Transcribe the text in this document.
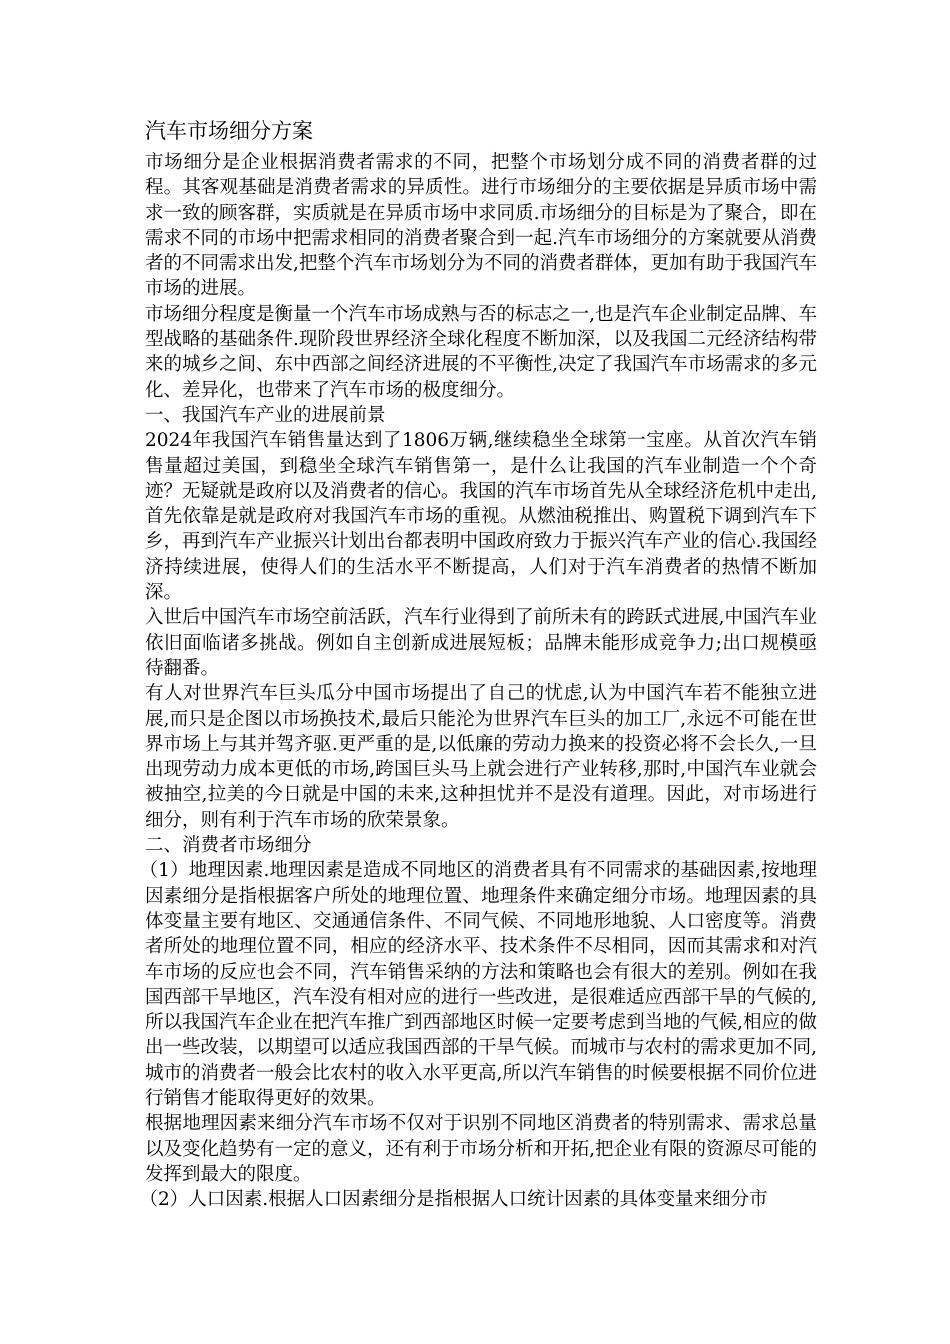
汽车市场细分方案

市场细分是企业根据消费者需求的不同，把整个市场划分成不同的消费者群的过程。其客观基础是消费者需求的异质性。进行市场细分的主要依据是异质市场中需求一致的顾客群，实质就是在异质市场中求同质.市场细分的目标是为了聚合，即在需求不同的市场中把需求相同的消费者聚合到一起.汽车市场细分的方案就要从消费者的不同需求出发,把整个汽车市场划分为不同的消费者群体，更加有助于我国汽车市场的进展。

市场细分程度是衡量一个汽车市场成熟与否的标志之一,也是汽车企业制定品牌、车型战略的基础条件.现阶段世界经济全球化程度不断加深，以及我国二元经济结构带来的城乡之间、东中西部之间经济进展的不平衡性,决定了我国汽车市场需求的多元化、差异化，也带来了汽车市场的极度细分。

一、我国汽车产业的进展前景

2024年我国汽车销售量达到了1806万辆,继续稳坐全球第一宝座。从首次汽车销售量超过美国，到稳坐全球汽车销售第一，是什么让我国的汽车业制造一个个奇迹？无疑就是政府以及消费者的信心。我国的汽车市场首先从全球经济危机中走出,首先依靠是就是政府对我国汽车市场的重视。从燃油税推出、购置税下调到汽车下乡，再到汽车产业振兴计划出台都表明中国政府致力于振兴汽车产业的信心.我国经济持续进展，使得人们的生活水平不断提高，人们对于汽车消费者的热情不断加深。

入世后中国汽车市场空前活跃，汽车行业得到了前所未有的跨跃式进展,中国汽车业依旧面临诸多挑战。例如自主创新成进展短板；品牌未能形成竞争力;出口规模亟待翻番。

有人对世界汽车巨头瓜分中国市场提出了自己的忧虑,认为中国汽车若不能独立进展,而只是企图以市场换技术,最后只能沦为世界汽车巨头的加工厂,永远不可能在世界市场上与其并驾齐驱.更严重的是,以低廉的劳动力换来的投资必将不会长久,一旦出现劳动力成本更低的市场,跨国巨头马上就会进行产业转移,那时,中国汽车业就会被抽空,拉美的今日就是中国的未来,这种担忧并不是没有道理。因此，对市场进行细分，则有利于汽车市场的欣荣景象。

二、消费者市场细分

（1）地理因素.地理因素是造成不同地区的消费者具有不同需求的基础因素,按地理因素细分是指根据客户所处的地理位置、地理条件来确定细分市场。地理因素的具体变量主要有地区、交通通信条件、不同气候、不同地形地貌、人口密度等。消费者所处的地理位置不同，相应的经济水平、技术条件不尽相同，因而其需求和对汽车市场的反应也会不同，汽车销售采纳的方法和策略也会有很大的差别。例如在我国西部干旱地区，汽车没有相对应的进行一些改进，是很难适应西部干旱的气候的,所以我国汽车企业在把汽车推广到西部地区时候一定要考虑到当地的气候,相应的做出一些改装，以期望可以适应我国西部的干旱气候。而城市与农村的需求更加不同,城市的消费者一般会比农村的收入水平更高,所以汽车销售的时候要根据不同价位进行销售才能取得更好的效果。

根据地理因素来细分汽车市场不仅对于识别不同地区消费者的特别需求、需求总量以及变化趋势有一定的意义，还有利于市场分析和开拓,把企业有限的资源尽可能的发挥到最大的限度。

（2）人口因素.根据人口因素细分是指根据人口统计因素的具体变量来细分市
